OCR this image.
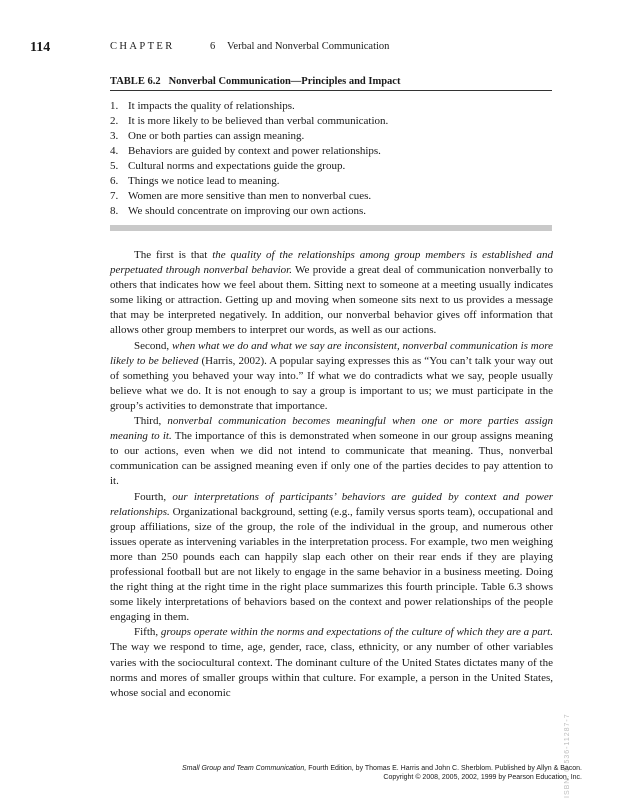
114	CHAPTER	6 Verbal and Nonverbal Communication
TABLE 6.2 Nonverbal Communication—Principles and Impact
1. It impacts the quality of relationships.
2. It is more likely to be believed than verbal communication.
3. One or both parties can assign meaning.
4. Behaviors are guided by context and power relationships.
5. Cultural norms and expectations guide the group.
6. Things we notice lead to meaning.
7. Women are more sensitive than men to nonverbal cues.
8. We should concentrate on improving our own actions.

The first is that the quality of the relationships among group members is established and perpetuated through nonverbal behavior. We provide a great deal of communication nonverbally to others that indicates how we feel about them. Sitting next to someone at a meeting usually indicates some liking or attraction. Getting up and moving when someone sits next to us provides a message that may be interpreted negatively. In addition, our nonverbal behavior gives off information that allows other group members to interpret our words, as well as our actions.

Second, when what we do and what we say are inconsistent, nonverbal communication is more likely to be believed (Harris, 2002). A popular saying expresses this as “You can’t talk your way out of something you behaved your way into.” If what we do contradicts what we say, people usually believe what we do. It is not enough to say a group is important to us; we must participate in the group’s activities to demonstrate that importance.

Third, nonverbal communication becomes meaningful when one or more parties assign meaning to it. The importance of this is demonstrated when someone in our group assigns meaning to our actions, even when we did not intend to communicate that meaning. Thus, nonverbal communication can be assigned meaning even if only one of the parties decides to pay attention to it.

Fourth, our interpretations of participants’ behaviors are guided by context and power relationships. Organizational background, setting (e.g., family versus sports team), occupational and group affiliations, size of the group, the role of the individual in the group, and numerous other issues operate as intervening variables in the interpretation process. For example, two men weighing more than 250 pounds each can happily slap each other on their rear ends if they are playing professional football but are not likely to engage in the same behavior in a business meeting. Doing the right thing at the right time in the right place summarizes this fourth principle. Table 6.3 shows some likely interpretations of behaviors based on the context and power relationships of the people engaging in them.

Fifth, groups operate within the norms and expectations of the culture of which they are a part. The way we respond to time, age, gender, race, class, ethnicity, or any number of other variables varies with the sociocultural context. The dominant culture of the United States dictates many of the norms and mores of smaller groups within that culture. For example, a person in the United States, whose social and economic

ISBN: 0-536-11287-7
Small Group and Team Communication, Fourth Edition, by Thomas E. Harris and John C. Sherblom. Published by Allyn & Bacon.
Copyright © 2008, 2005, 2002, 1999 by Pearson Education, Inc.
